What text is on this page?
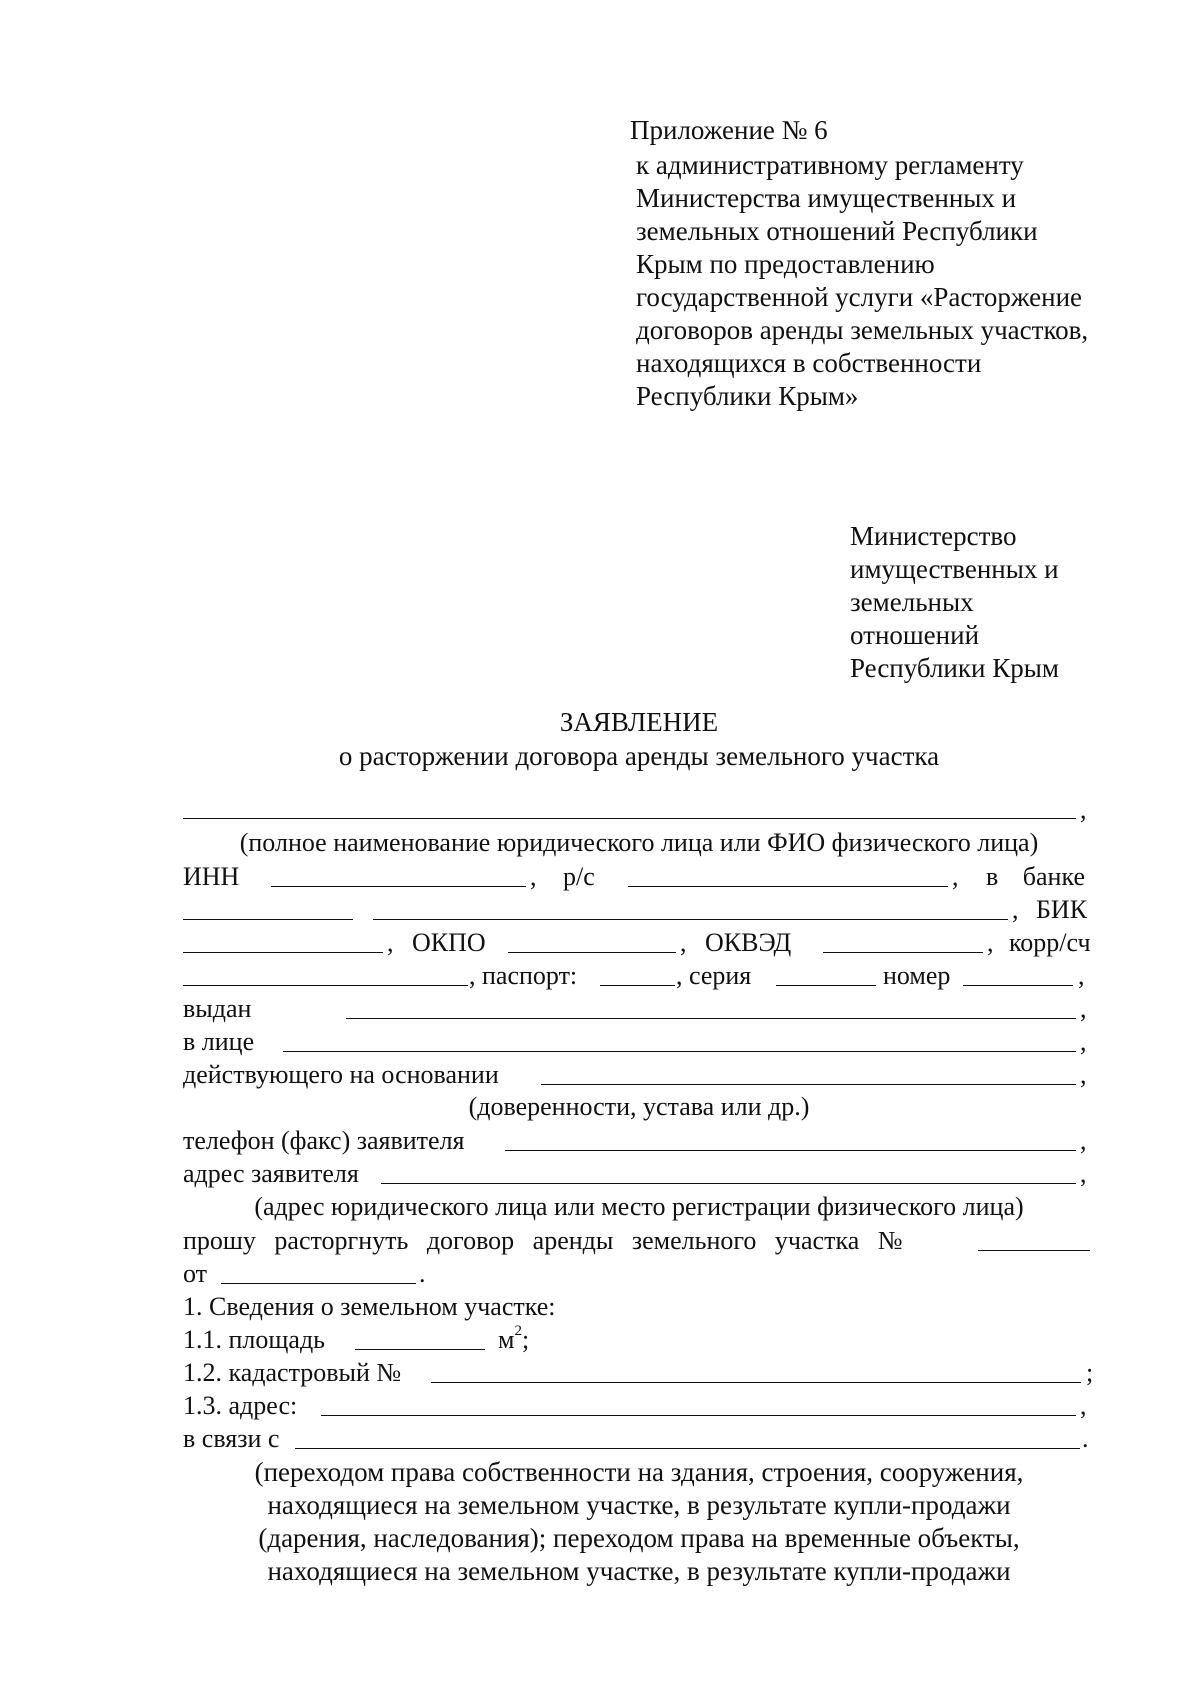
Приложение № 6
к административному регламенту
Министерства имущественных и
земельных отношений Республики
Крым по предоставлению
государственной услуги «Расторжение
договоров аренды земельных участков,
находящихся в собственности
Республики Крым»
Министерство
имущественных и
земельных
отношений
Республики Крым
ЗАЯВЛЕНИЕ
о расторжении договора аренды земельного участка
,
(полное наименование юридического лица или ФИО физического лица)
ИНН	, р/с	, в банке
, БИК
, ОКПО	, ОКВЭД	, корр/сч
, паспорт:	, серия	номер	,
выдан	,
в лице	,
действующего на основании	,
(доверенности, устава или др.)
телефон (факс) заявителя	,
адрес заявителя	,
(адрес юридического лица или место регистрации физического лица)
прошу расторгнуть договор аренды земельного участка №
от	.
1. Сведения о земельном участке:
1.1. площадь	$м^2$;
1.2. кадастровый №	;
1.3. адрес:	,
в связи с	.
(переходом права собственности на здания, строения, сооружения,
находящиеся на земельном участке, в результате купли-продажи
(дарения, наследования); переходом права на временные объекты,
находящиеся на земельном участке, в результате купли-продажи
